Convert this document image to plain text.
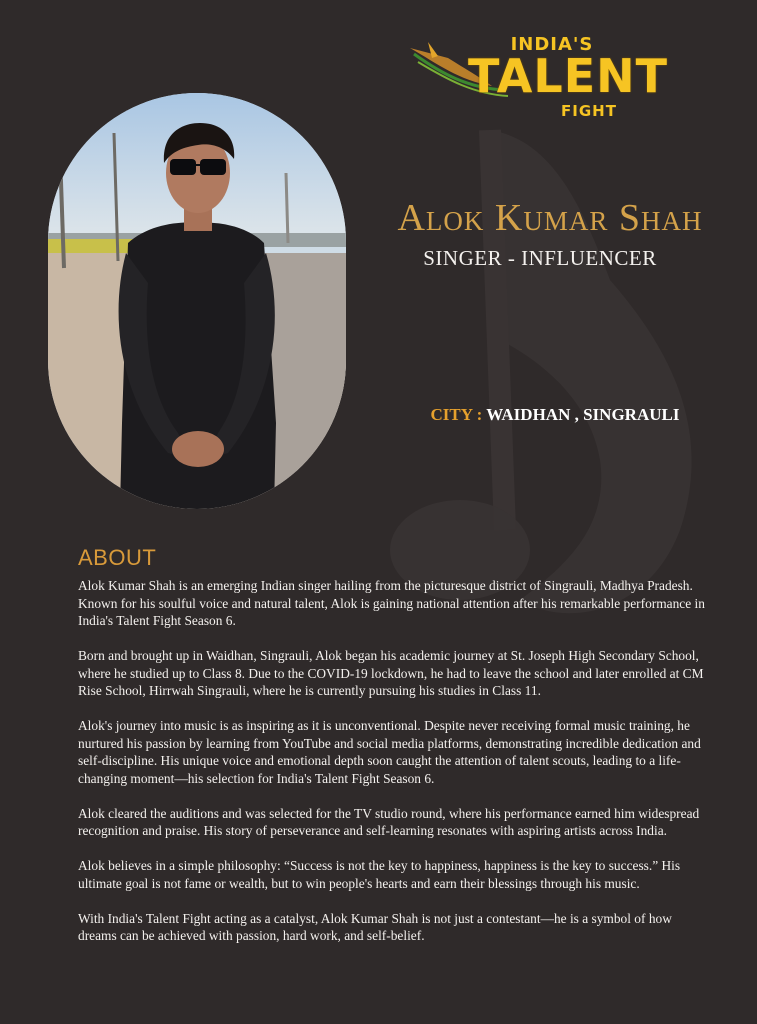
INDIA'S
TALENT
FIGHT
Alok Kumar Shah
SINGER - INFLUENCER
CITY : WAIDHAN , SINGRAULI
ABOUT

Alok Kumar Shah is an emerging Indian singer hailing from the picturesque district of Singrauli, Madhya Pradesh. Known for his soulful voice and natural talent, Alok is gaining national attention after his remarkable performance in India's Talent Fight Season 6.

Born and brought up in Waidhan, Singrauli, Alok began his academic journey at St. Joseph High Secondary School, where he studied up to Class 8. Due to the COVID-19 lockdown, he had to leave the school and later enrolled at CM Rise School, Hirrwah Singrauli, where he is currently pursuing his studies in Class 11.

Alok's journey into music is as inspiring as it is unconventional. Despite never receiving formal music training, he nurtured his passion by learning from YouTube and social media platforms, demonstrating incredible dedication and self-discipline. His unique voice and emotional depth soon caught the attention of talent scouts, leading to a life-changing moment—his selection for India's Talent Fight Season 6.

Alok cleared the auditions and was selected for the TV studio round, where his performance earned him widespread recognition and praise. His story of perseverance and self-learning resonates with aspiring artists across India.

Alok believes in a simple philosophy: “Success is not the key to happiness, happiness is the key to success.” His ultimate goal is not fame or wealth, but to win people's hearts and earn their blessings through his music.

With India's Talent Fight acting as a catalyst, Alok Kumar Shah is not just a contestant—he is a symbol of how dreams can be achieved with passion, hard work, and self-belief.
